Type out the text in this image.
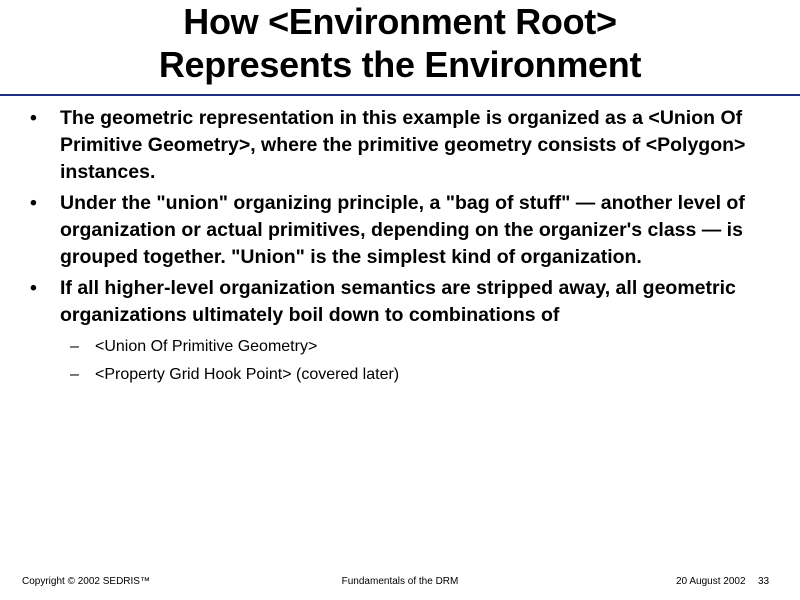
How <Environment Root>
Represents the Environment
• The geometric representation in this example is organized as a <Union Of Primitive Geometry>, where the primitive geometry consists of <Polygon> instances.
• Under the "union" organizing principle, a "bag of stuff" — another level of organization or actual primitives, depending on the organizer's class — is grouped together. "Union" is the simplest kind of organization.
• If all higher-level organization semantics are stripped away, all geometric organizations ultimately boil down to combinations of
– <Union Of Primitive Geometry>
– <Property Grid Hook Point> (covered later)
Copyright © 2002 SEDRIS™	Fundamentals of the DRM	20 August 2002 33
